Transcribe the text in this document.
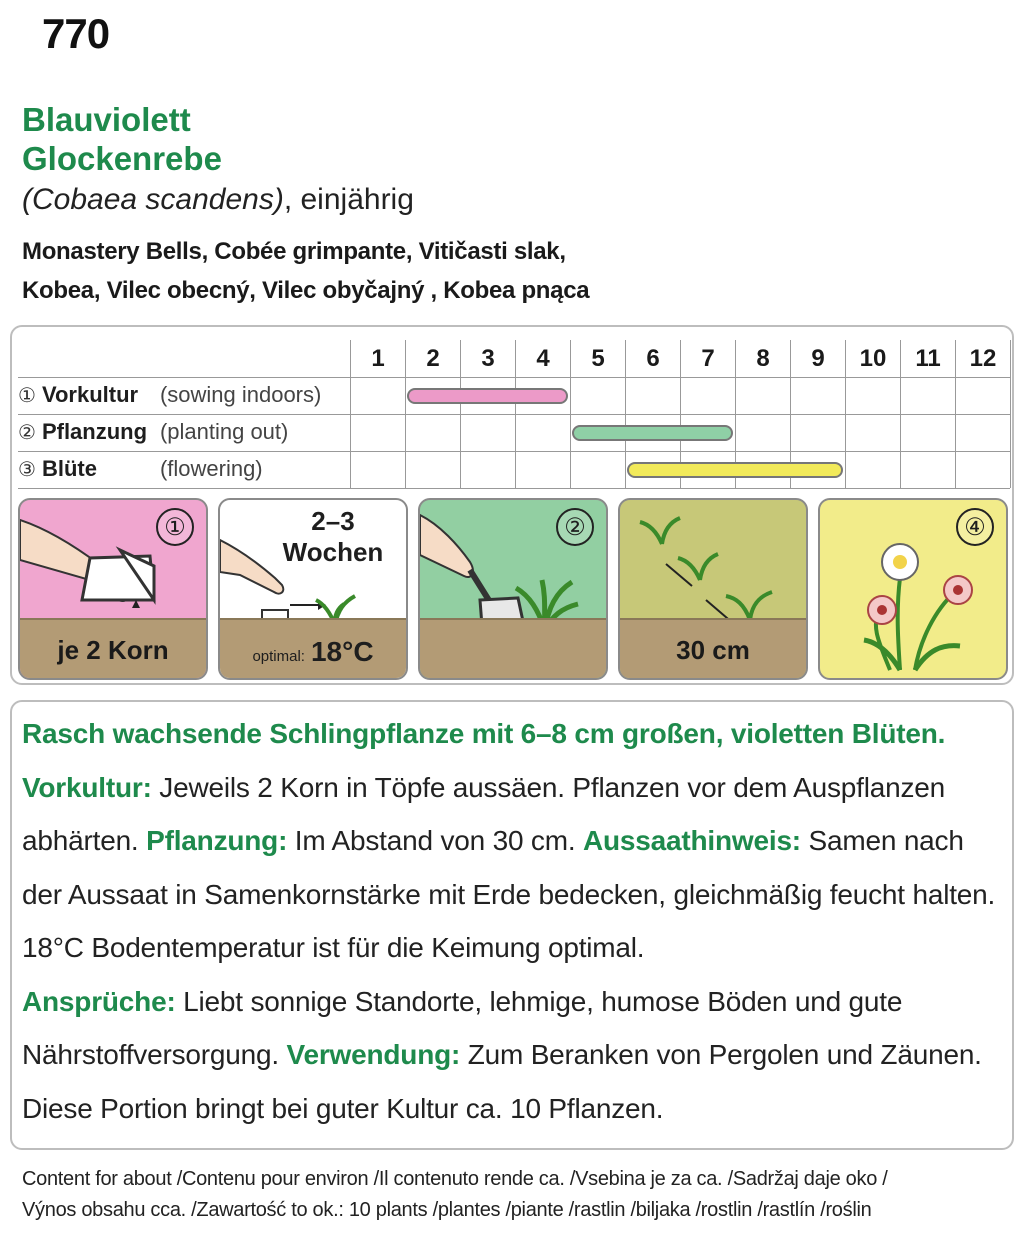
770
Blauviolett
Glockenrebe
(Cobaea scandens), einjährig
Monastery Bells, Cobée grimpante, Vitičasti slak,
Kobea, Vilec obecný, Vilec obyčajný , Kobea pnąca
1	2	3	4	5	6	7	8	9	10	11	12
① Vorkultur (sowing indoors)
② Pflanzung (planting out)
③ Blüte	(flowering)
①
je 2 Korn
2–3
Wochen
optimal: 18°C
②
30 cm
④
Rasch wachsende Schlingpflanze mit 6–8 cm großen, violetten Blüten.
Vorkultur: Jeweils 2 Korn in Töpfe aussäen. Pflanzen vor dem Auspflanzen abhärten. Pflanzung: Im Abstand von 30 cm. Aussaathinweis: Samen nach der Aussaat in Samenkornstärke mit Erde bedecken, gleichmäßig feucht halten. 18°C Bodentemperatur ist für die Keimung optimal.
Ansprüche: Liebt sonnige Standorte, lehmige, humose Böden und gute Nährstoffversorgung. Verwendung: Zum Beranken von Pergolen und Zäunen. Diese Portion bringt bei guter Kultur ca. 10 Pflanzen.
Content for about /Contenu pour environ /Il contenuto rende ca. /Vsebina je za ca. /Sadržaj daje oko /
Výnos obsahu cca. /Zawartość to ok.: 10 plants /plantes /piante /rastlin /biljaka /rostlin /rastlín /roślin
